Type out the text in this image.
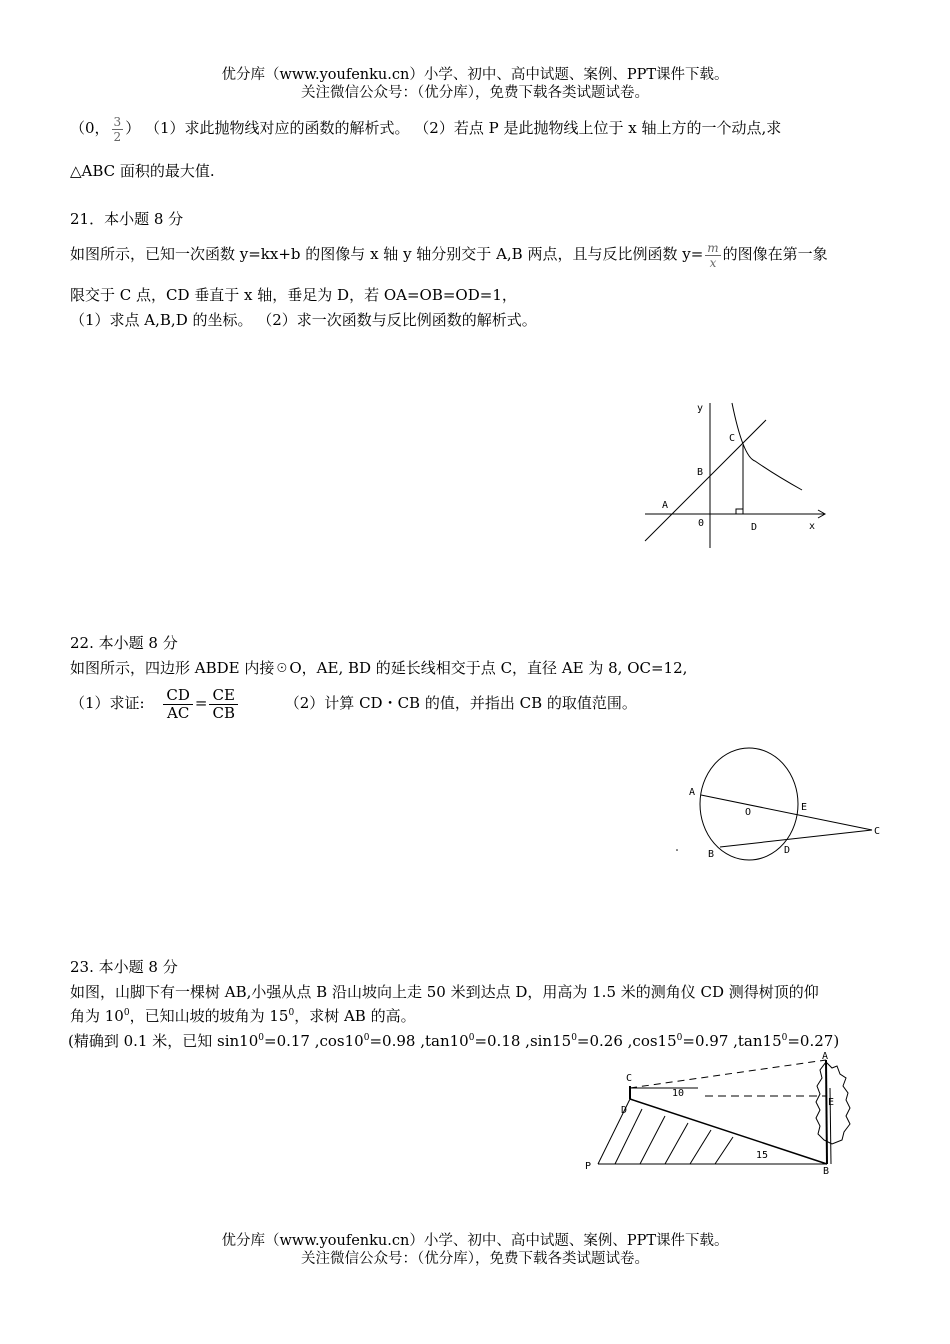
优分库（www.youfenku.cn）小学、初中、高中试题、案例、PPT课件下载。
关注微信公众号：（优分库），免费下载各类试题试卷。
（0， $\frac{3}{2}$ ） （1）求此抛物线对应的函数的解析式。 （2）若点 P 是此抛物线上位于 x 轴上方的一个动点,求
△ABC 面积的最大值.
21．本小题 8 分
如图所示，已知一次函数 y=kx+b 的图像与 x 轴 y 轴分别交于 A,B 两点，且与反比例函数 $y= \frac{m}{x}$ 的图像在第一象
限交于 C 点，CD 垂直于 x 轴，垂足为 D，若 OA=OB=OD=1，
（1）求点 A,B,D 的坐标。 （2）求一次函数与反比例函数的解析式。
y
C
B
A
0	D	x
22. 本小题 8 分
如图所示，四边形 ABDE 内接☉O，AE, BD 的延长线相交于点 C，直径 AE 为 8, OC=12,
（1）求证: $\frac{CD}{AC} = \frac{CE}{CB}$	（2）计算 CD・CB 的值，并指出 CB 的取值范围。
A
O	E
C
B	D
23. 本小题 8 分
如图，山脚下有一棵树 AB,小强从点 B 沿山坡向上走 50 米到达点 D，用高为 1.5 米的测角仪 CD 测得树顶的仰
角为 $10^0$，已知山坡的坡角为 $15^0$，求树 AB 的高。
(精确到 0.1 米，已知 $\sin 10^0=0.17$ $,\cos 10^0=0.98$ $,\tan 10^0=0.18$ $,\sin 15^0=0.26$ $,\cos 15^0=0.97$ $,\tan 15^0=0.27$)
C
A
10
E
D
P
15
B
优分库（www.youfenku.cn）小学、初中、高中试题、案例、PPT课件下载。
关注微信公众号：（优分库），免费下载各类试题试卷。
